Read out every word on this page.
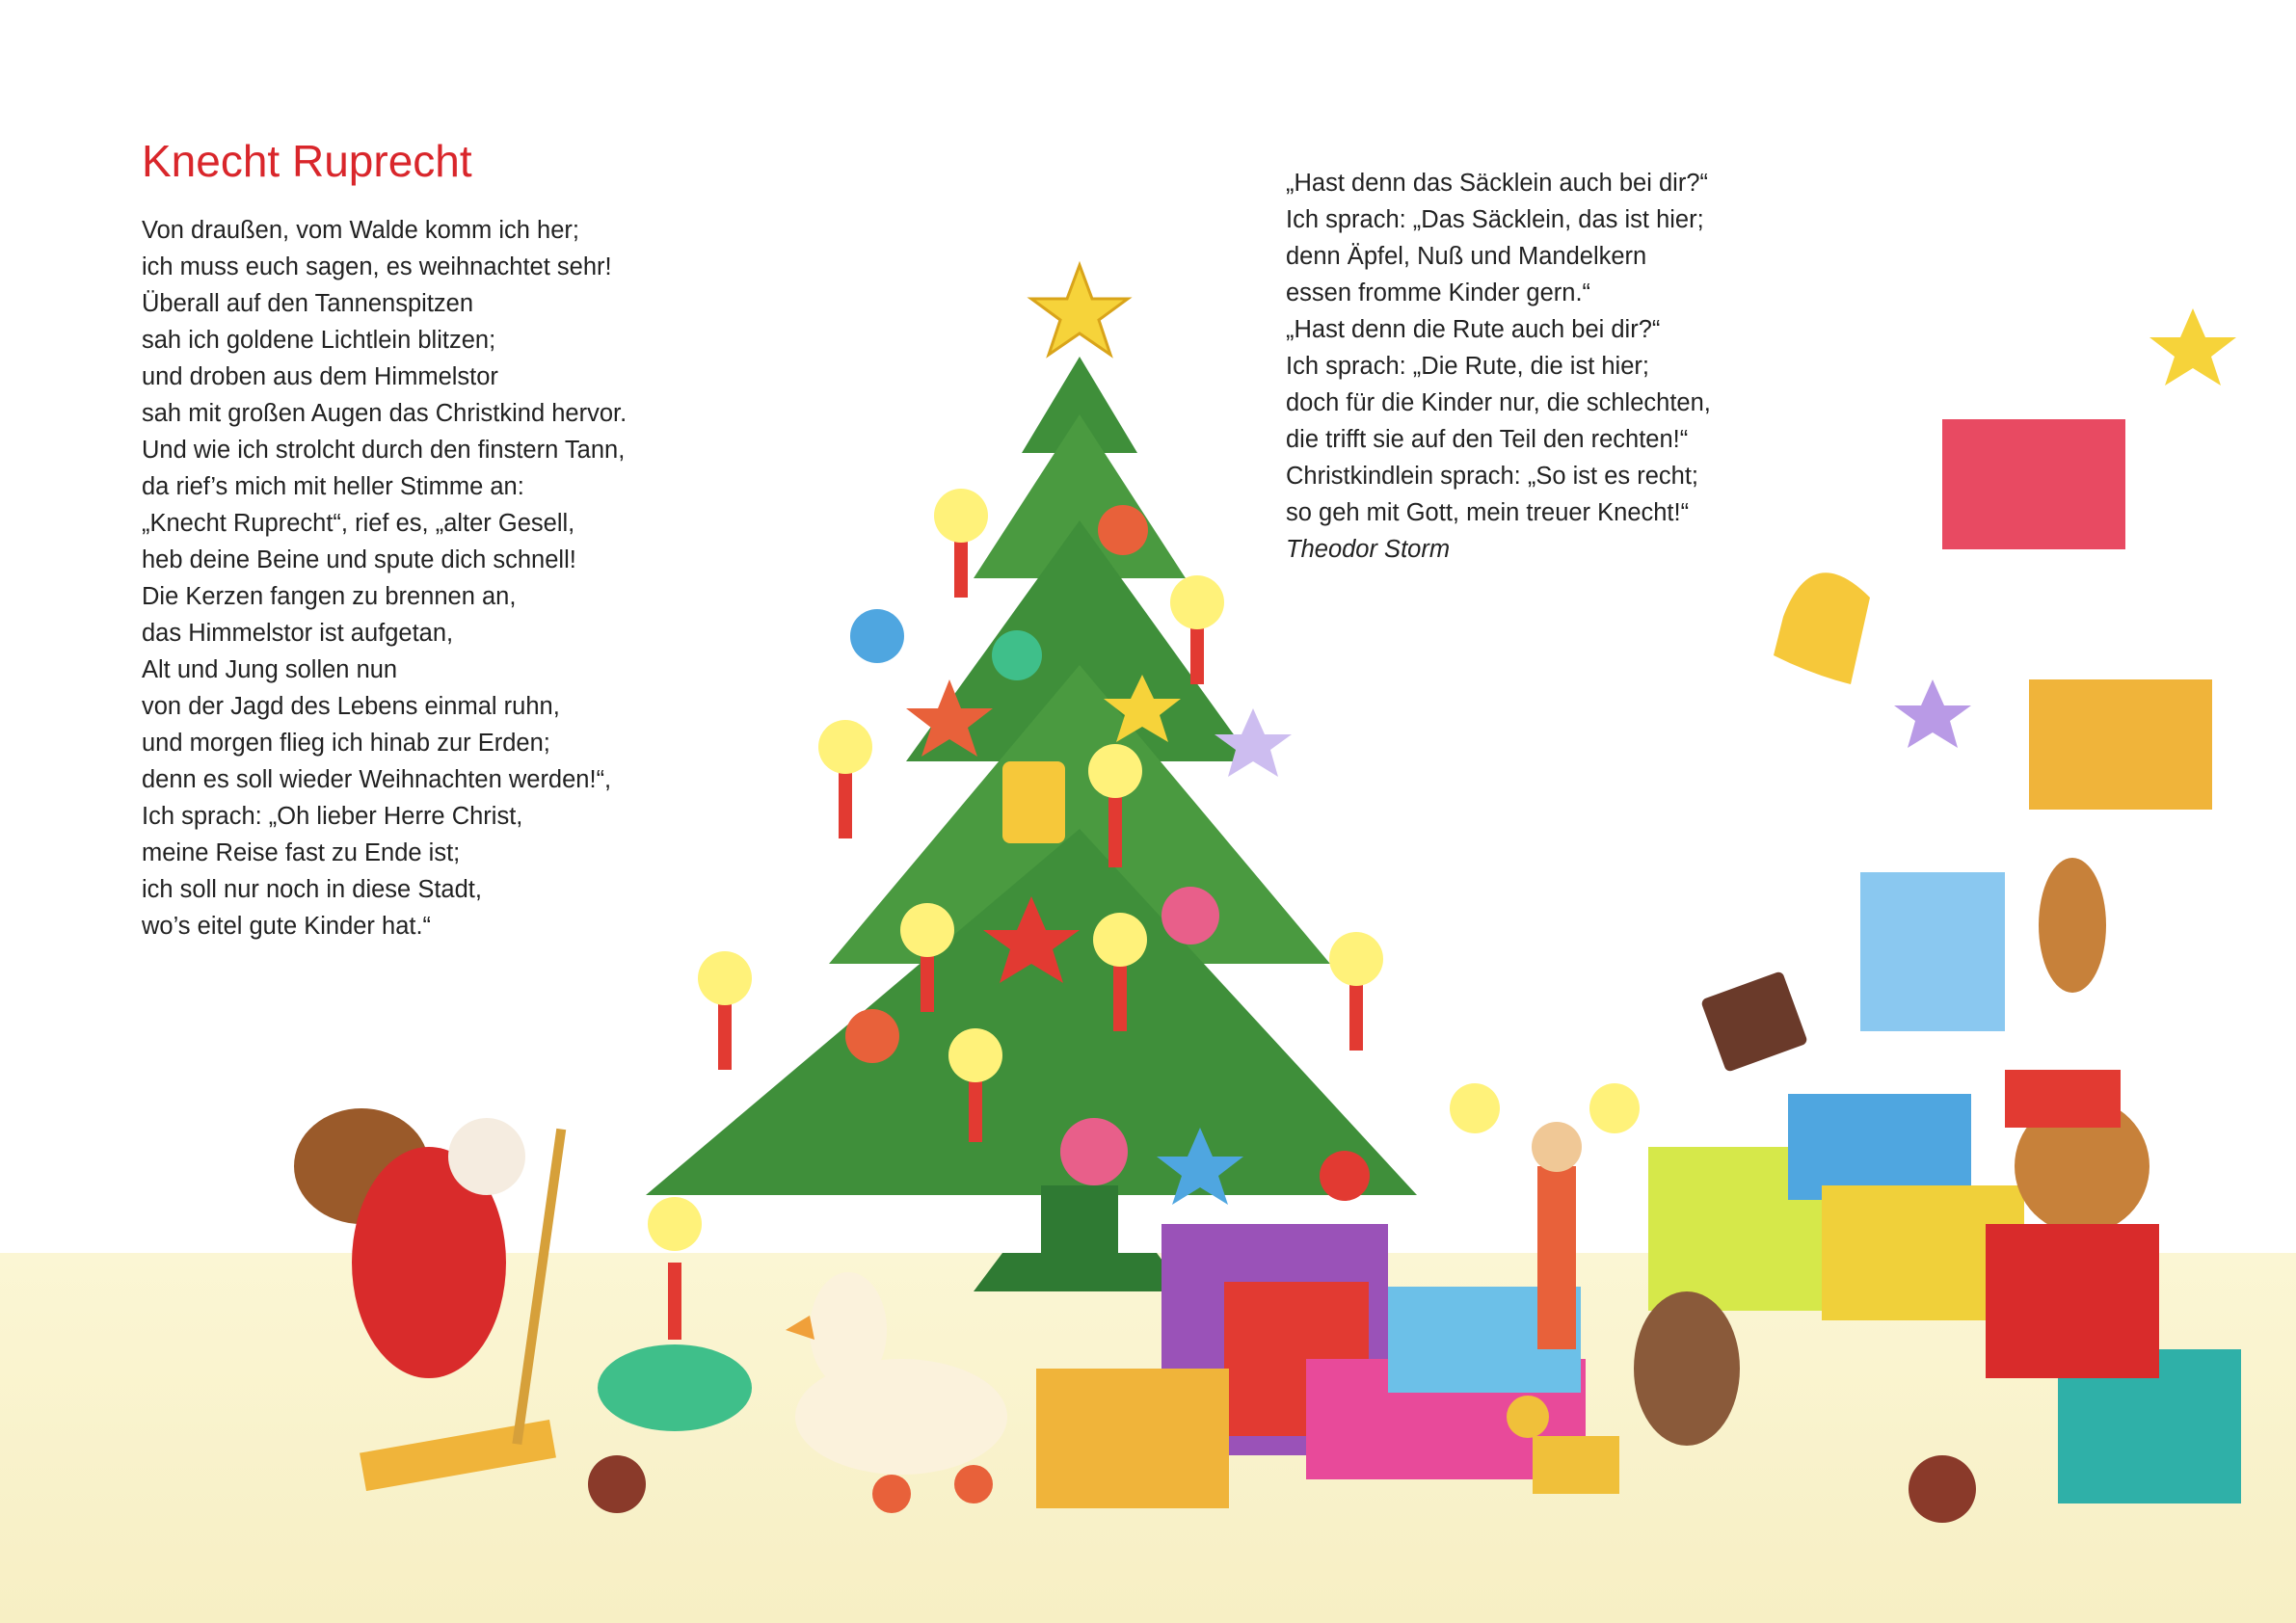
Knecht Ruprecht
Von draußen, vom Walde komm ich her;
ich muss euch sagen, es weihnachtet sehr!
Überall auf den Tannenspitzen
sah ich goldene Lichtlein blitzen;
und droben aus dem Himmelstor
sah mit großen Augen das Christkind hervor.
Und wie ich strolcht durch den finstern Tann,
da rief’s mich mit heller Stimme an:
„Knecht Ruprecht“, rief es, „alter Gesell,
heb deine Beine und spute dich schnell!
Die Kerzen fangen zu brennen an,
das Himmelstor ist aufgetan,
Alt und Jung sollen nun
von der Jagd des Lebens einmal ruhn,
und morgen flieg ich hinab zur Erden;
denn es soll wieder Weihnachten werden!“,
Ich sprach: „Oh lieber Herre Christ,
meine Reise fast zu Ende ist;
ich soll nur noch in diese Stadt,
wo’s eitel gute Kinder hat.“
„Hast denn das Säcklein auch bei dir?“
Ich sprach: „Das Säcklein, das ist hier;
denn Äpfel, Nuß und Mandelkern
essen fromme Kinder gern.“
„Hast denn die Rute auch bei dir?“
Ich sprach: „Die Rute, die ist hier;
doch für die Kinder nur, die schlechten,
die trifft sie auf den Teil den rechten!“
Christkindlein sprach: „So ist es recht;
so geh mit Gott, mein treuer Knecht!“
Theodor Storm
